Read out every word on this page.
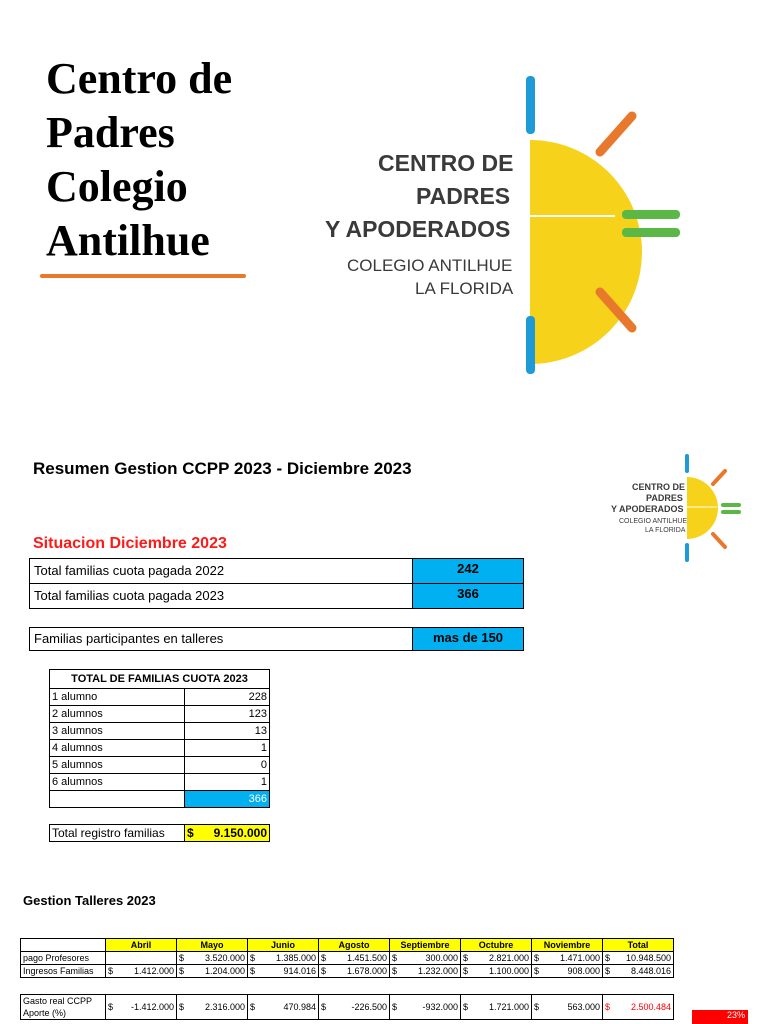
Centro de
Padres
Colegio
Antilhue
CENTRO DE
PADRES
Y APODERADOS
COLEGIO ANTILHUE
LA FLORIDA
Resumen Gestion CCPP 2023 - Diciembre 2023
CENTRO DE
PADRES
Y APODERADOS
COLEGIO ANTILHUE
LA FLORIDA
Situacion Diciembre 2023
Total familias cuota pagada 2022	242
Total familias cuota pagada 2023	366
Familias participantes en talleres	mas de 150
TOTAL DE FAMILIAS CUOTA 2023	
1 alumno	228
2 alumnos	123
3 alumnos	13
4 alumnos	1
5 alumnos	0
6 alumnos	1
	366

Total registro familias	$ 9.150.000
Gestion Talleres 2023
	Abril		Mayo		Junio		Agosto		Septiembre		Octubre		Noviembre		Total	
pago Profesores			$	3.520.000	$	1.385.000	$	1.451.500	$	300.000	$	2.821.000	$	1.471.000	$	10.948.500
Ingresos Familias	$	1.412.000	$	1.204.000	$	914.016	$	1.678.000	$	1.232.000	$	1.100.000	$	908.000	$	8.448.016

Gasto real CCPP Aporte (%)	$	-1.412.000	$	2.316.000	$	470.984	$	-226.500	$	-932.000	$	1.721.000	$	563.000	$	2.500.484
23%
